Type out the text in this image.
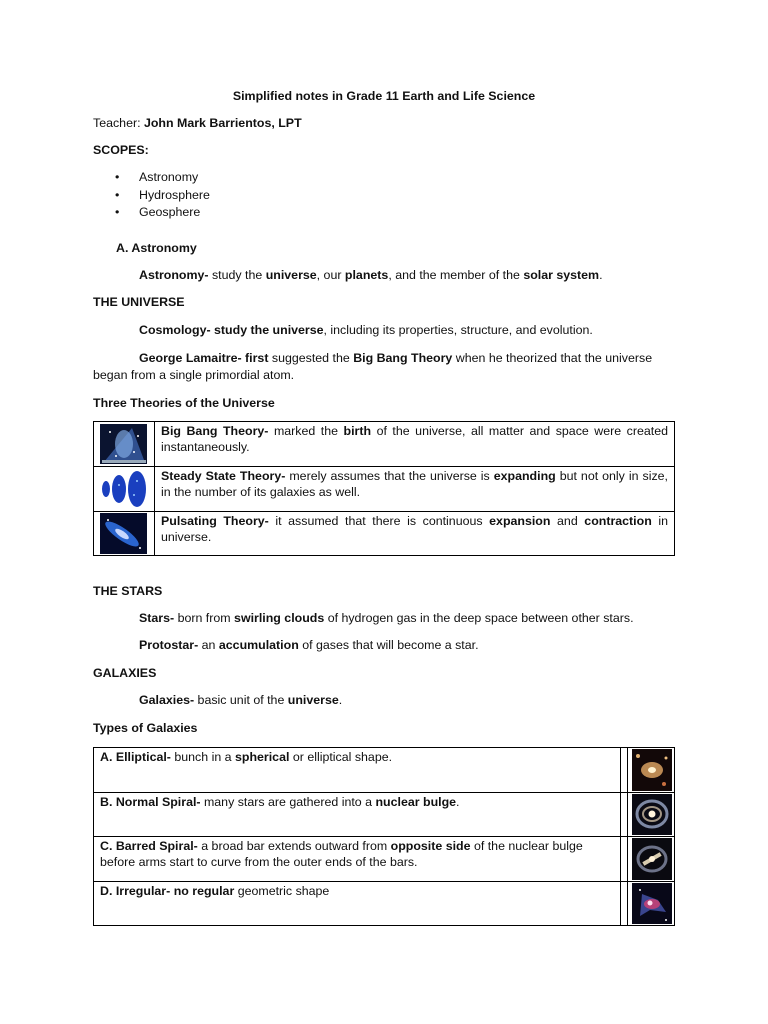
Simplified notes in Grade 11 Earth and Life Science
Teacher: John Mark Barrientos, LPT
SCOPES:
• Astronomy
• Hydrosphere
• Geosphere
A. Astronomy
Astronomy- study the universe, our planets, and the member of the solar system.
THE UNIVERSE
Cosmology- study the universe, including its properties, structure, and evolution.
George Lamaitre- first suggested the Big Bang Theory when he theorized that the universe
began from a single primordial atom.
Three Theories of the Universe
	Big Bang Theory- marked the birth of the universe, all matter and space were created instantaneously.

	Steady State Theory- merely assumes that the universe is expanding but not only in size, in the number of its galaxies as well.

	Pulsating Theory- it assumed that there is continuous expansion and contraction in universe.
THE STARS
Stars- born from swirling clouds of hydrogen gas in the deep space between other stars.
Protostar- an accumulation of gases that will become a star.
GALAXIES
Galaxies- basic unit of the universe.
Types of Galaxies
A. Elliptical- bunch in a spherical or elliptical shape.		

B. Normal Spiral- many stars are gathered into a nuclear bulge.		

C. Barred Spiral- a broad bar extends outward from opposite side of the nuclear bulge before arms start to curve from the outer ends of the bars.		

D. Irregular- no regular geometric shape		
